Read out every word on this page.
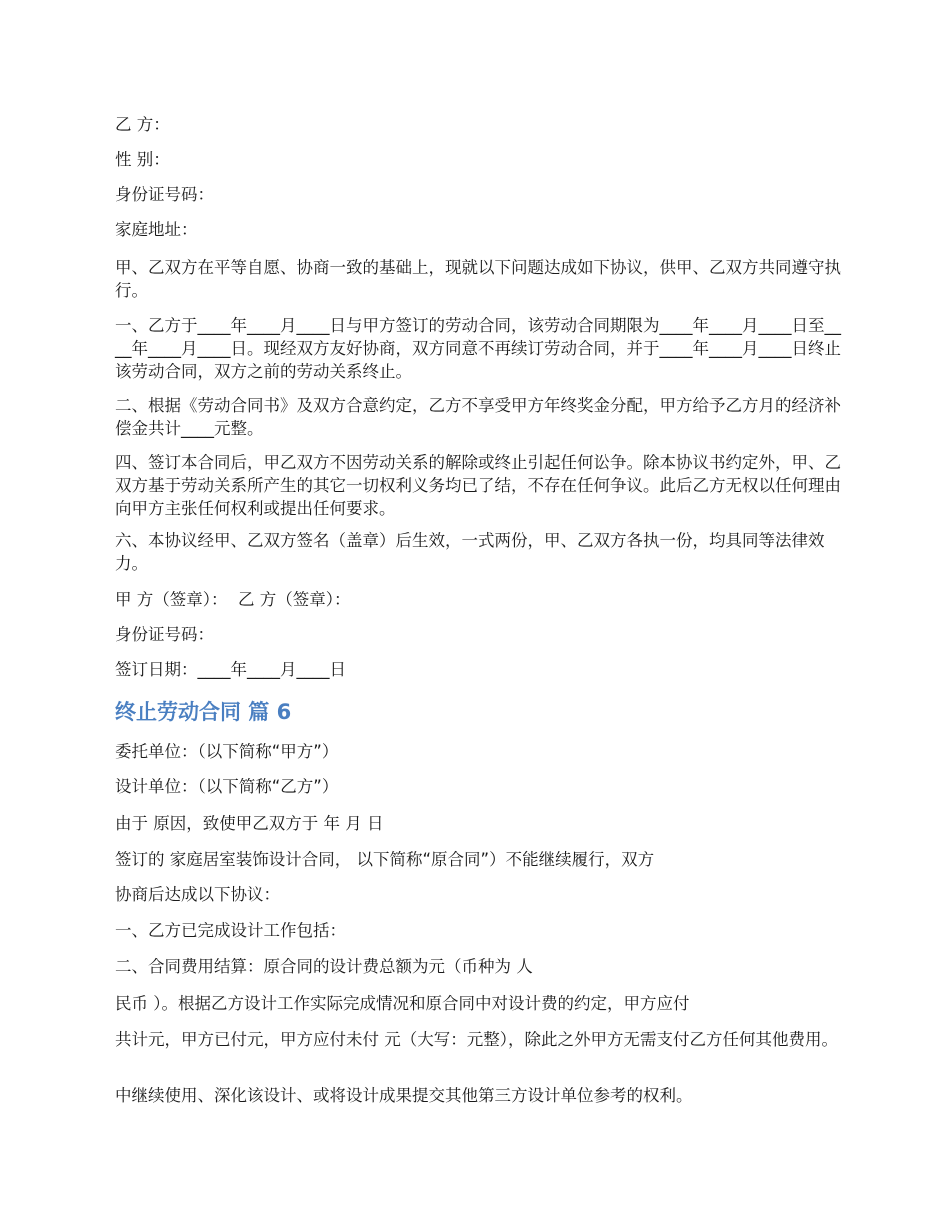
乙 方：

性 别：

身份证号码：

家庭地址：

甲、乙双方在平等自愿、协商一致的基础上，现就以下问题达成如下协议，供甲、乙双方共同遵守执行。

一、乙方于____年____月____日与甲方签订的劳动合同，该劳动合同期限为____年____月____日至____年____月____日。现经双方友好协商，双方同意不再续订劳动合同，并于____年____月____日终止该劳动合同，双方之前的劳动关系终止。

二、根据《劳动合同书》及双方合意约定，乙方不享受甲方年终奖金分配，甲方给予乙方月的经济补偿金共计____元整。

四、签订本合同后，甲乙双方不因劳动关系的解除或终止引起任何讼争。除本协议书约定外，甲、乙双方基于劳动关系所产生的其它一切权利义务均已了结，不存在任何争议。此后乙方无权以任何理由向甲方主张任何权利或提出任何要求。

六、本协议经甲、乙双方签名（盖章）后生效，一式两份，甲、乙双方各执一份，均具同等法律效力。

甲 方（签章）：  乙 方（签章）：

身份证号码：

签订日期：____年____月____日

终止劳动合同 篇 6

委托单位：（以下简称“甲方”）

设计单位：（以下简称“乙方”）

由于 原因，致使甲乙双方于 年 月 日

签订的 家庭居室装饰设计合同， 以下简称“原合同”）不能继续履行，双方

协商后达成以下协议：

一、乙方已完成设计工作包括：

二、合同费用结算：原合同的设计费总额为元（币种为 人

民币 ）。根据乙方设计工作实际完成情况和原合同中对设计费的约定，甲方应付

共计元，甲方已付元，甲方应付未付 元（大写：元整），除此之外甲方无需支付乙方任何其他费用。

中继续使用、深化该设计、或将设计成果提交其他第三方设计单位参考的权利。
